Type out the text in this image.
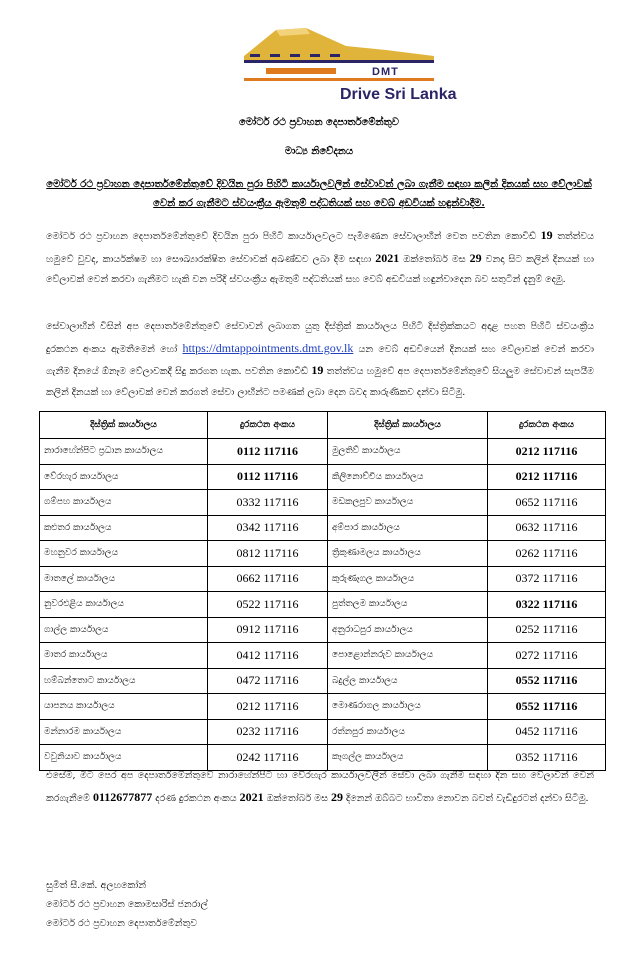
DMT
Drive Sri Lanka
මෝටර් රථ ප්‍රවාහන දෙපාර්තමේන්තුව
මාධ්‍ය නිවේදනය
මෝටර් රථ ප්‍රවාහන දෙපාර්තමේන්තුවේ දිවයින පුරා පිහිටි කාර්යාලවලින් සේවාවන් ලබා ගැනීම සඳහා කලින් දිනයක් සහ වේලාවක් වෙන් කර ගැනීමට ස්වයංක්‍රීය ඇමතුම් පද්ධතියක් සහ වෙබ් අඩවියක් හඳුන්වාදීම.
මෝටර් රථ ප්‍රවාහන දෙපාර්තමේන්තුවේ දිවයින පුරා පිහිටි කාර්යාලවලට පැමිණෙන සේවාලාභීන් වෙත පවතින කොවිඩ් 19 තත්ත්වය හමුවේ වුවද, කාර්යක්ෂම හා සෞඛ්‍යාරක්ෂිත සේවාවක් අඛණ්ඩව ලබා දීම සඳහා 2021 ඔක්තෝබර් මස 29 වනදා සිට කලින් දිනයක් හා වේලාවක් වෙන් කරවා ගැනීමට හැකි වන පරිදි ස්වයංක්‍රීය ඇමතුම් පද්ධතියක් සහ වෙබ් අඩවියක් හඳුන්වාදෙන බව සතුටින් දැනුම් දෙමු.
සේවාලාභීන් විසින් අප දෙපාර්තමේන්තුවේ සේවාවන් ලබාගත යුතු දිස්ත්‍රික් කාර්යාලය පිහිටි දිස්ත්‍රික්කයට අදාළ පහත පිහිටි ස්වයංක්‍රීය දුරකථන අංකය ඇමතීමෙන් හෝ https://dmtappointments.dmt.gov.lk යන වෙබ් අඩවියෙන් දිනයක් සහ වේලාවක් වෙන් කරවා ගැනීම දිනයේ ඕනෑම වේලාවකදී සිදු කරගත හැක. පවතින කොවිඩ් 19 තත්ත්වය හමුවේ අප දෙපාර්තමේන්තුවේ සියලුම සේවාවන් සැපයීම කලින් දිනයක් හා වේලාවක් වෙන් කරගත් සේවා ලාභීන්ට පමණක් ලබා දෙන බවද කාරුණිකව දන්වා සිටිමු.
දිස්ත්‍රික් කාර්යාලය	දුරකථන අංකය	දිස්ත්‍රික් කාර්යාලය	දුරකථන අංකය
නාරාහේන්පිට ප්‍රධාන කාර්යාලය	0112 117116	මුලතිව් කාර්යාලය	0212 117116
වේරහැර කාර්යාලය	0112 117116	කිලිනොච්චිය කාර්යාලය	0212 117116
ගම්පහ කාර්යාලය	0332 117116	මඩකලපුව කාර්යාලය	0652 117116
කළුතර කාර්යාලය	0342 117116	අම්පාර කාර්යාලය	0632 117116
මහනුවර කාර්යාලය	0812 117116	ත්‍රිකුණාමලය කාර්යාලය	0262 117116
මාතලේ කාර්යාලය	0662 117116	කුරුණෑගල කාර්යාලය	0372 117116
නුවරඑළිය කාර්යාලය	0522 117116	පුත්තලම කාර්යාලය	0322 117116
ගාල්ල කාර්යාලය	0912 117116	අනුරාධපුර කාර්යාලය	0252 117116
මාතර කාර්යාලය	0412 117116	පොළොන්නරුව කාර්යාලය	0272 117116
හම්බන්තොට කාර්යාලය	0472 117116	බදුල්ල කාර්යාලය	0552 117116
යාපනය කාර්යාලය	0212 117116	මොණරාගල කාර්යාලය	0552 117116
මන්නාරම කාර්යාලය	0232 117116	රත්නපුර කාර්යාලය	0452 117116
වවුනියාව කාර්යාලය	0242 117116	කෑගල්ල කාර්යාලය	0352 117116
එසේම, මීට පෙර අප දෙපාර්තමේන්තුවේ නාරාහේන්පිට හා වේරහැර කාර්යාලවලින් සේවා ලබා ගැනීම සඳහා දින සහ වේලාවන් වෙන් කරගැනීමේ 0112677877 දරණ දුරකථන අංකය 2021 ඔක්තෝබර් මස 29 දිනෙන් ඔබ්බට භාවිතා නොවන බවත් වැඩිදුරටත් දන්වා සිටිමු.
සුමිත් සී.කේ. අලහකෝන්
මෝටර් රථ ප්‍රවාහන කොමසාරිස් ජනරාල්
මෝටර් රථ ප්‍රවාහන දෙපාර්තමේන්තුව
